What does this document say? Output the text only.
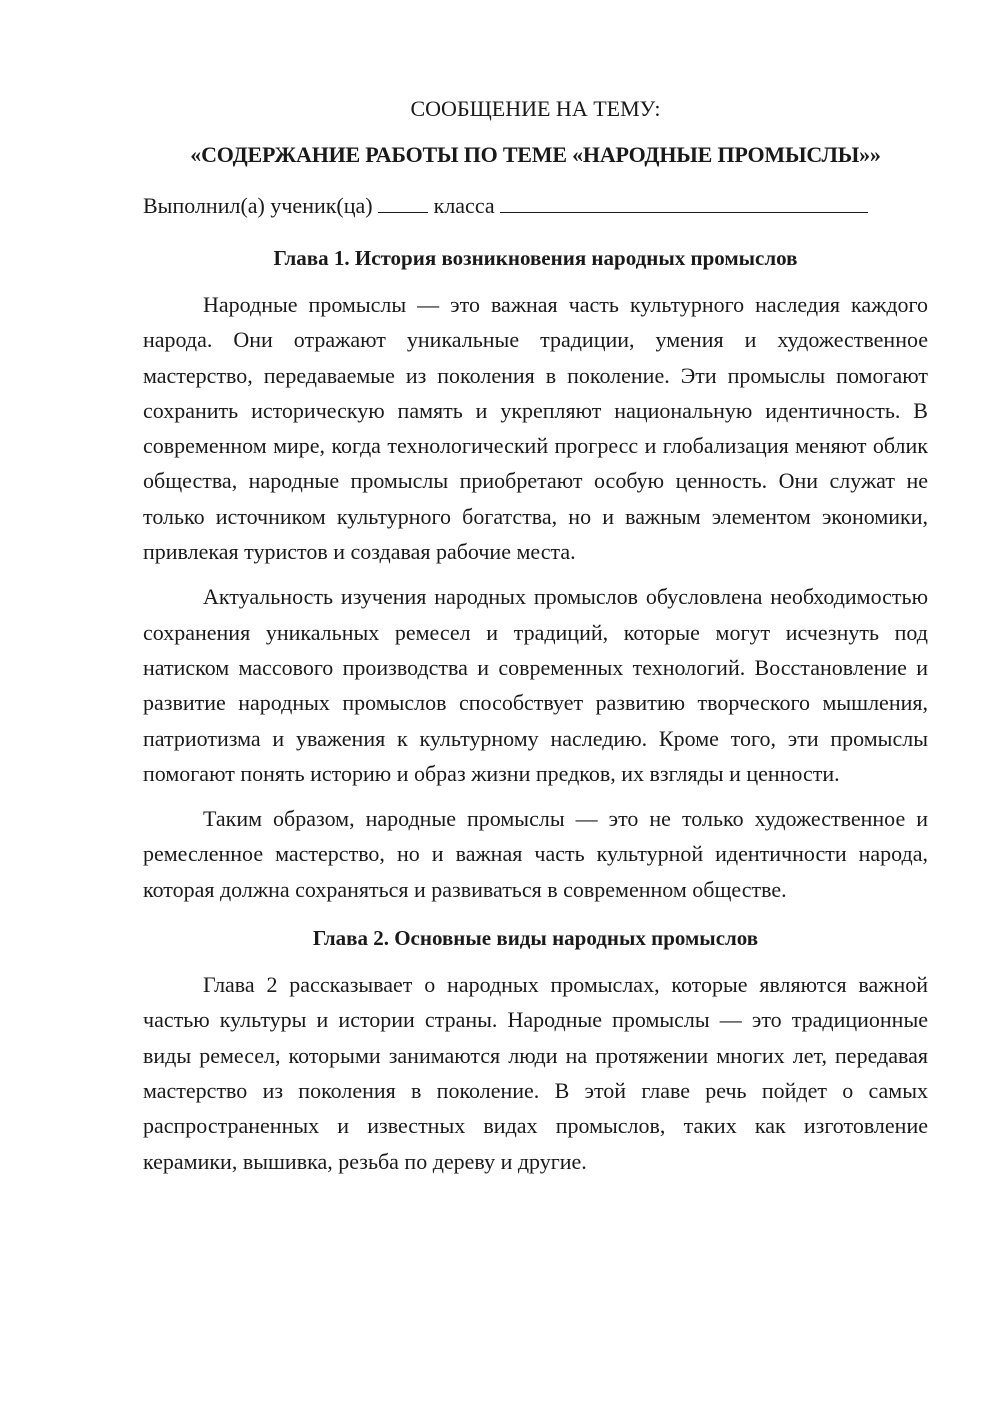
СООБЩЕНИЕ НА ТЕМУ:

«СОДЕРЖАНИЕ РАБОТЫ ПО ТЕМЕ «НАРОДНЫЕ ПРОМЫСЛЫ»»

Выполнил(а) ученик(ца)	класса

Глава 1. История возникновения народных промыслов

Народные промыслы — это важная часть культурного наследия каждого народа. Они отражают уникальные традиции, умения и художественное мастерство, передаваемые из поколения в поколение. Эти промыслы помогают сохранить историческую память и укрепляют национальную идентичность. В современном мире, когда технологический прогресс и глобализация меняют облик общества, народные промыслы приобретают особую ценность. Они служат не только источником культурного богатства, но и важным элементом экономики, привлекая туристов и создавая рабочие места.

Актуальность изучения народных промыслов обусловлена необходимостью сохранения уникальных ремесел и традиций, которые могут исчезнуть под натиском массового производства и современных технологий. Восстановление и развитие народных промыслов способствует развитию творческого мышления, патриотизма и уважения к культурному наследию. Кроме того, эти промыслы помогают понять историю и образ жизни предков, их взгляды и ценности.

Таким образом, народные промыслы — это не только художественное и ремесленное мастерство, но и важная часть культурной идентичности народа, которая должна сохраняться и развиваться в современном обществе.

Глава 2. Основные виды народных промыслов

Глава 2 рассказывает о народных промыслах, которые являются важной частью культуры и истории страны. Народные промыслы — это традиционные виды ремесел, которыми занимаются люди на протяжении многих лет, передавая мастерство из поколения в поколение. В этой главе речь пойдет о самых распространенных и известных видах промыслов, таких как изготовление керамики, вышивка, резьба по дереву и другие.
